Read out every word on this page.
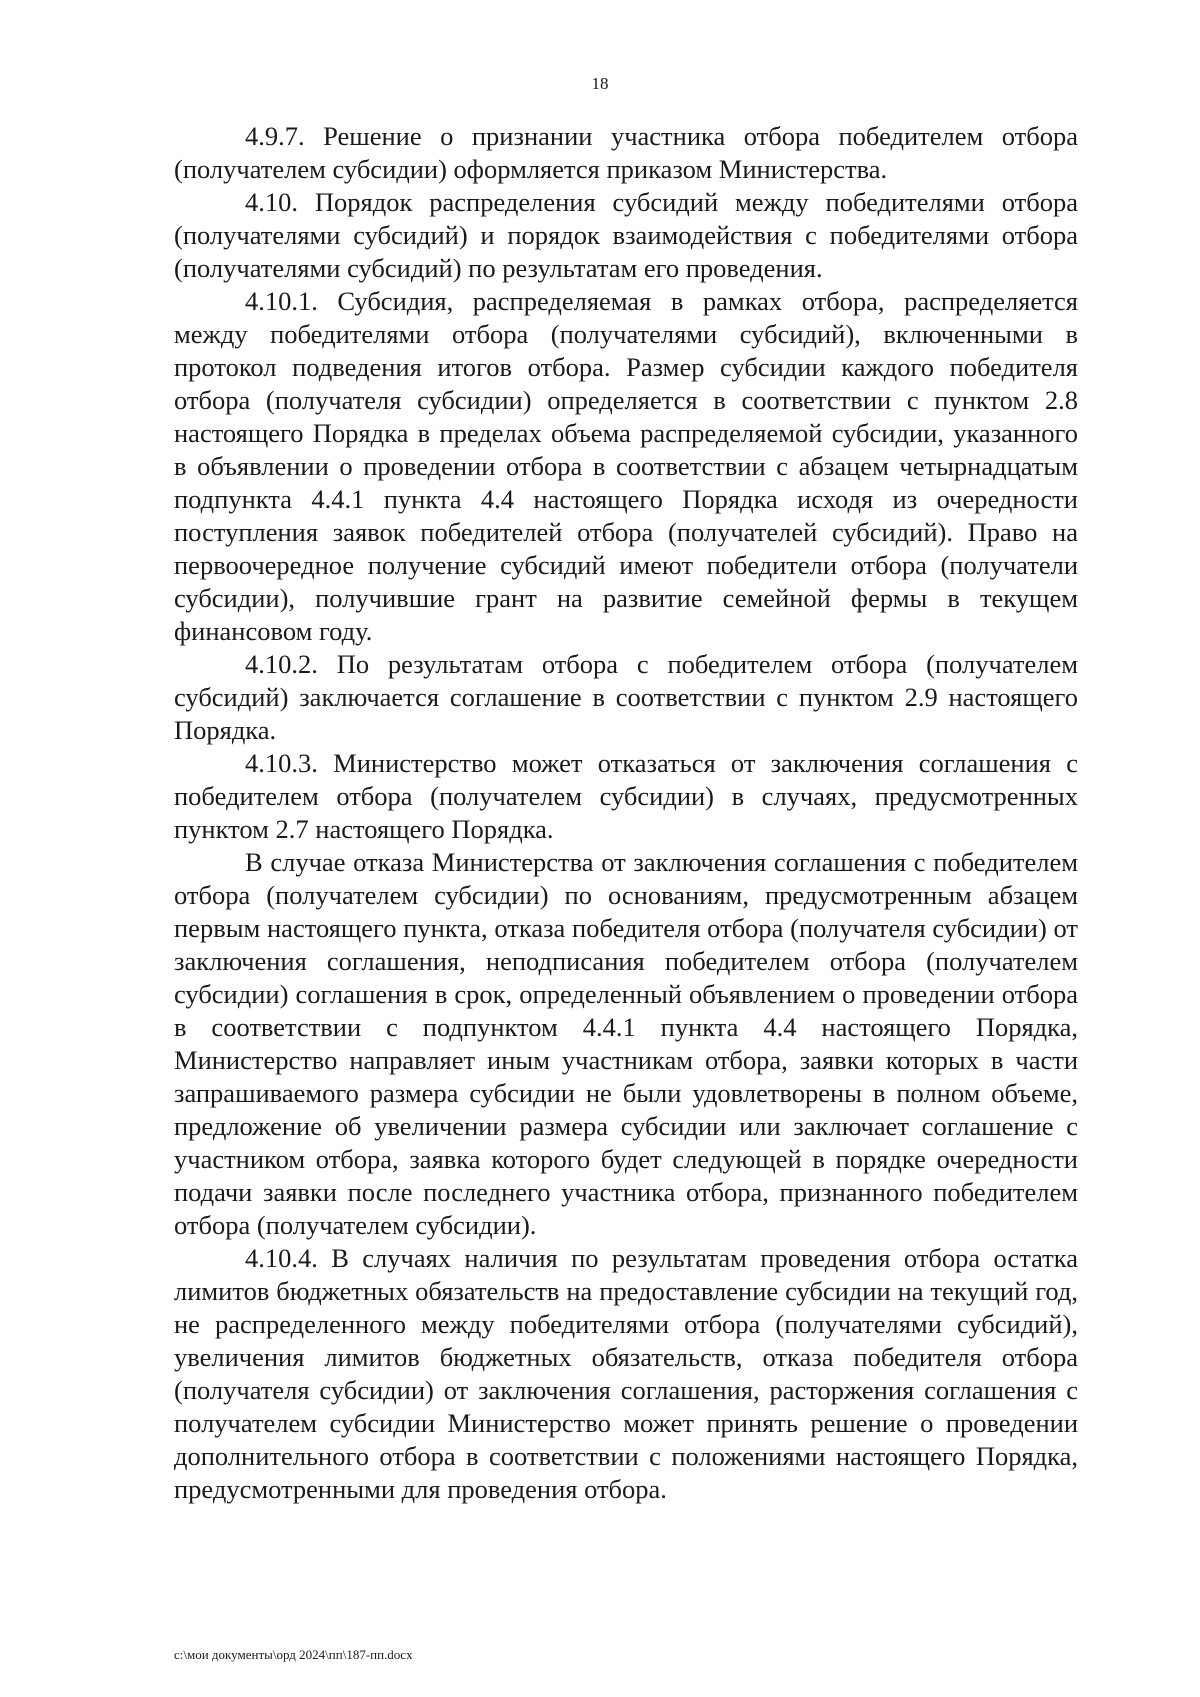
18

4.9.7. Решение о признании участника отбора победителем отбора (получателем субсидии) оформляется приказом Министерства.

4.10. Порядок распределения субсидий между победителями отбора (получателями субсидий) и порядок взаимодействия с победителями отбора (получателями субсидий) по результатам его проведения.

4.10.1. Субсидия, распределяемая в рамках отбора, распределяется между победителями отбора (получателями субсидий), включенными в протокол подведения итогов отбора. Размер субсидии каждого победителя отбора (получателя субсидии) определяется в соответствии с пунктом 2.8 настоящего Порядка в пределах объема распределяемой субсидии, указанного в объявлении о проведении отбора в соответствии с абзацем четырнадцатым подпункта 4.4.1 пункта 4.4 настоящего Порядка исходя из очередности поступления заявок победителей отбора (получателей субсидий). Право на первоочередное получение субсидий имеют победители отбора (получатели субсидии), получившие грант на развитие семейной фермы в текущем финансовом году.

4.10.2. По результатам отбора с победителем отбора (получателем субсидий) заключается соглашение в соответствии с пунктом 2.9 настоящего Порядка.

4.10.3. Министерство может отказаться от заключения соглашения с победителем отбора (получателем субсидии) в случаях, предусмотренных пунктом 2.7 настоящего Порядка.

В случае отказа Министерства от заключения соглашения с победителем отбора (получателем субсидии) по основаниям, предусмотренным абзацем первым настоящего пункта, отказа победителя отбора (получателя субсидии) от заключения соглашения, неподписания победителем отбора (получателем субсидии) соглашения в срок, определенный объявлением о проведении отбора в соответствии с подпунктом 4.4.1 пункта 4.4 настоящего Порядка, Министерство направляет иным участникам отбора, заявки которых в части запрашиваемого размера субсидии не были удовлетворены в полном объеме, предложение об увеличении размера субсидии или заключает соглашение с участником отбора, заявка которого будет следующей в порядке очередности подачи заявки после последнего участника отбора, признанного победителем отбора (получателем субсидии).

4.10.4. В случаях наличия по результатам проведения отбора остатка лимитов бюджетных обязательств на предоставление субсидии на текущий год, не распределенного между победителями отбора (получателями субсидий), увеличения лимитов бюджетных обязательств, отказа победителя отбора (получателя субсидии) от заключения соглашения, расторжения соглашения с получателем субсидии Министерство может принять решение о проведении дополнительного отбора в соответствии с положениями настоящего Порядка, предусмотренными для проведения отбора.

c:\мои документы\орд 2024\пп\187-пп.docx
